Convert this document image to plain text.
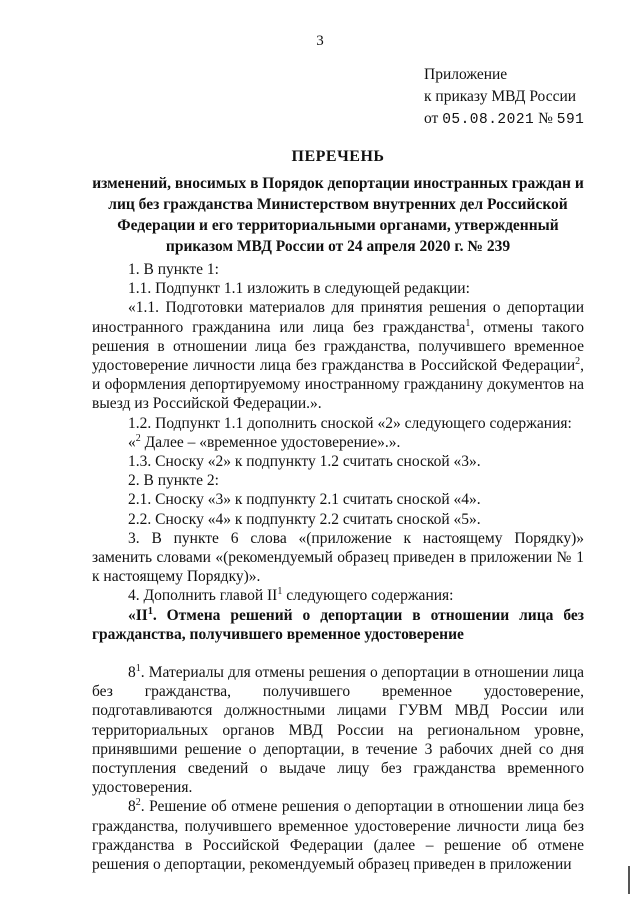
3
Приложение
к приказу МВД России
от 05.08.2021 № 591
ПЕРЕЧЕНЬ
изменений, вносимых в Порядок депортации иностранных граждан и лиц без гражданства Министерством внутренних дел Российской Федерации и его территориальными органами, утвержденный приказом МВД России от 24 апреля 2020 г. № 239

1. В пункте 1:

1.1. Подпункт 1.1 изложить в следующей редакции:

«1.1. Подготовки материалов для принятия решения о депортации иностранного гражданина или лица без гражданства$^1$, отмены такого решения в отношении лица без гражданства, получившего временное удостоверение личности лица без гражданства в Российской Федерации$^2$, и оформления депортируемому иностранному гражданину документов на выезд из Российской Федерации.».

1.2. Подпункт 1.1 дополнить сноской «2» следующего содержания:

«$^2$ Далее – «временное удостоверение».».

1.3. Сноску «2» к подпункту 1.2 считать сноской «3».

2. В пункте 2:

2.1. Сноску «3» к подпункту 2.1 считать сноской «4».

2.2. Сноску «4» к подпункту 2.2 считать сноской «5».

3. В пункте 6 слова «(приложение к настоящему Порядку)» заменить словами «(рекомендуемый образец приведен в приложении № 1 к настоящему Порядку)».

4. Дополнить главой $II^1$ следующего содержания:

«$II^1$. Отмена решений о депортации в отношении лица без гражданства, получившего временное удостоверение

$8^1$. Материалы для отмены решения о депортации в отношении лица без гражданства, получившего временное удостоверение, подготавливаются должностными лицами ГУВМ МВД России или территориальных органов МВД России на региональном уровне, принявшими решение о депортации, в течение 3 рабочих дней со дня поступления сведений о выдаче лицу без гражданства временного удостоверения.

$8^2$. Решение об отмене решения о депортации в отношении лица без гражданства, получившего временное удостоверение личности лица без гражданства в Российской Федерации (далее – решение об отмене решения о депортации, рекомендуемый образец приведен в приложении
